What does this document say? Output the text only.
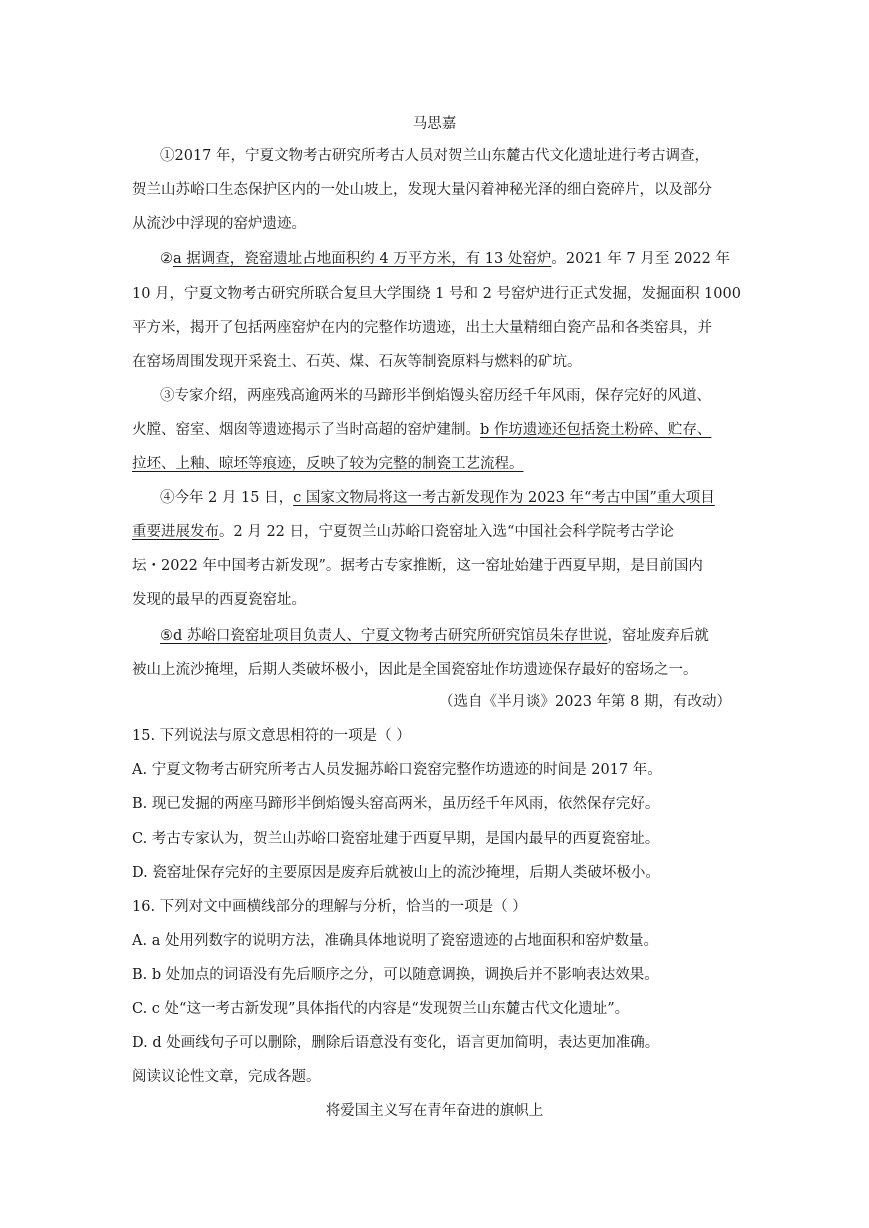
马思嘉
①2017 年，宁夏文物考古研究所考古人员对贺兰山东麓古代文化遗址进行考古调查，
贺兰山苏峪口生态保护区内的一处山坡上，发现大量闪着神秘光泽的细白瓷碎片，以及部分
从流沙中浮现的窑炉遗迹。
②a 据调查，瓷窑遗址占地面积约 4 万平方米，有 13 处窑炉。2021 年 7 月至 2022 年
10 月，宁夏文物考古研究所联合复旦大学围绕 1 号和 2 号窑炉进行正式发掘，发掘面积 1000
平方米，揭开了包括两座窑炉在内的完整作坊遗迹，出土大量精细白瓷产品和各类窑具，并
在窑场周围发现开采瓷土、石英、煤、石灰等制瓷原料与燃料的矿坑。
③专家介绍，两座残高逾两米的马蹄形半倒焰馒头窑历经千年风雨，保存完好的风道、
火膛、窑室、烟囱等遗迹揭示了当时高超的窑炉建制。b 作坊遗迹还包括瓷土粉碎、贮存、
拉坯、上釉、晾坯等痕迹，反映了较为完整的制瓷工艺流程。
④今年 2 月 15 日，c 国家文物局将这一考古新发现作为 2023 年“考古中国”重大项目
重要进展发布。2 月 22 日，宁夏贺兰山苏峪口瓷窑址入选“中国社会科学院考古学论
坛・2022 年中国考古新发现”。据考古专家推断，这一窑址始建于西夏早期，是目前国内
发现的最早的西夏瓷窑址。
⑤d 苏峪口瓷窑址项目负责人、宁夏文物考古研究所研究馆员朱存世说，窑址废弃后就
被山上流沙掩埋，后期人类破坏极小，因此是全国瓷窑址作坊遗迹保存最好的窑场之一。
（选自《半月谈》2023 年第 8 期，有改动）
15. 下列说法与原文意思相符的一项是（ ）
A. 宁夏文物考古研究所考古人员发掘苏峪口瓷窑完整作坊遗迹的时间是 2017 年。
B. 现已发掘的两座马蹄形半倒焰馒头窑高两米，虽历经千年风雨，依然保存完好。
C. 考古专家认为，贺兰山苏峪口瓷窑址建于西夏早期，是国内最早的西夏瓷窑址。
D. 瓷窑址保存完好的主要原因是废弃后就被山上的流沙掩埋，后期人类破坏极小。
16. 下列对文中画横线部分的理解与分析，恰当的一项是（ ）
A. a 处用列数字的说明方法，准确具体地说明了瓷窑遗迹的占地面积和窑炉数量。
B. b 处加点的词语没有先后顺序之分，可以随意调换，调换后并不影响表达效果。
C. c 处“这一考古新发现”具体指代的内容是“发现贺兰山东麓古代文化遗址”。
D. d 处画线句子可以删除，删除后语意没有变化，语言更加简明，表达更加准确。
阅读议论性文章，完成各题。
将爱国主义写在青年奋进的旗帜上
